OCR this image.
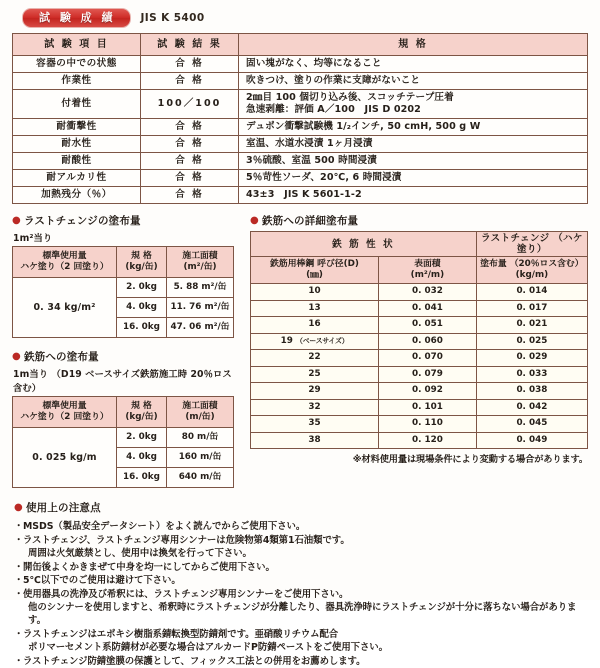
試 験 成 績	JIS K 5400
試 験 項 目	試 験 結 果	規 格
容器の中での状態	合 格	固い塊がなく、均等になること
作業性	合 格	吹きつけ、塗りの作業に支障がないこと
付着性	100／100	2㎜目 100 個切り込み後、スコッチテープ圧着
急速剥離：評価 A／100　JIS D 0202

耐衝撃性	合 格	デュポン衝撃試験機 1/₂インチ, 50 cmH, 500 g W
耐水性	合 格	室温、水道水浸漬 1ヶ月浸漬
耐酸性	合 格	3％硫酸、室温 500 時間浸漬
耐アルカリ性	合 格	5％苛性ソーダ、20℃, 6 時間浸漬
加熱残分（％）	合 格	43±3　JIS K 5601-1-2
● ラストチェンジの塗布量
1m²当り
標準使用量
ハケ塗り（2 回塗り）	規 格
(kg/缶)	施工面積
(m²/缶)
0. 34 kg/m²	2. 0kg	5. 88 m²/缶
	4. 0kg	11. 76 m²/缶
	16. 0kg	47. 06 m²/缶
● 鉄筋への塗布量
1m当り （D19 ベースサイズ鉄筋施工時 20％ロス含む）
標準使用量
ハケ塗り（2 回塗り）	規 格
(kg/缶)	施工面積
(m/缶)
0. 025 kg/m	2. 0kg	80 m/缶
	4. 0kg	160 m/缶
	16. 0kg	640 m/缶
● 鉄筋への詳細塗布量
鉄 筋 性 状		ラストチェンジ （ハケ塗り）
鉄筋用棒鋼 呼び径(D)
(㎜)	表面積
(m²/m)	塗布量 （20％ロス含む）
(kg/m)
10	0. 032	0. 014
13	0. 041	0. 017
16	0. 051	0. 021
19 （ベースサイズ）	0. 060	0. 025
22	0. 070	0. 029
25	0. 079	0. 033
29	0. 092	0. 038
32	0. 101	0. 042
35	0. 110	0. 045
38	0. 120	0. 049
※材料使用量は現場条件により変動する場合があります。
● 使用上の注意点
・ MSDS（製品安全データシート）をよく読んでからご使用下さい。
・ ラストチェンジ、ラストチェンジ専用シンナーは危険物第4類第1石油類です。
周囲は火気厳禁とし、使用中は換気を行って下さい。
・ 開缶後よくかきまぜて中身を均一にしてからご使用下さい。
・ 5℃以下でのご使用は避けて下さい。
・ 使用器具の洗浄及び希釈には、ラストチェンジ専用シンナーをご使用下さい。
他のシンナーを使用しますと、希釈時にラストチェンジが分離したり、器具洗浄時にラストチェンジが十分に落ちない場合があります。
・ ラストチェンジはエポキシ樹脂系錆転換型防錆剤です。亜硝酸リチウム配合
ポリマーセメント系防錆材が必要な場合はアルカードP防錆ペーストをご使用下さい。
・ ラストチェンジ防錆塗膜の保護として、フィックス工法との併用をお薦めします。
